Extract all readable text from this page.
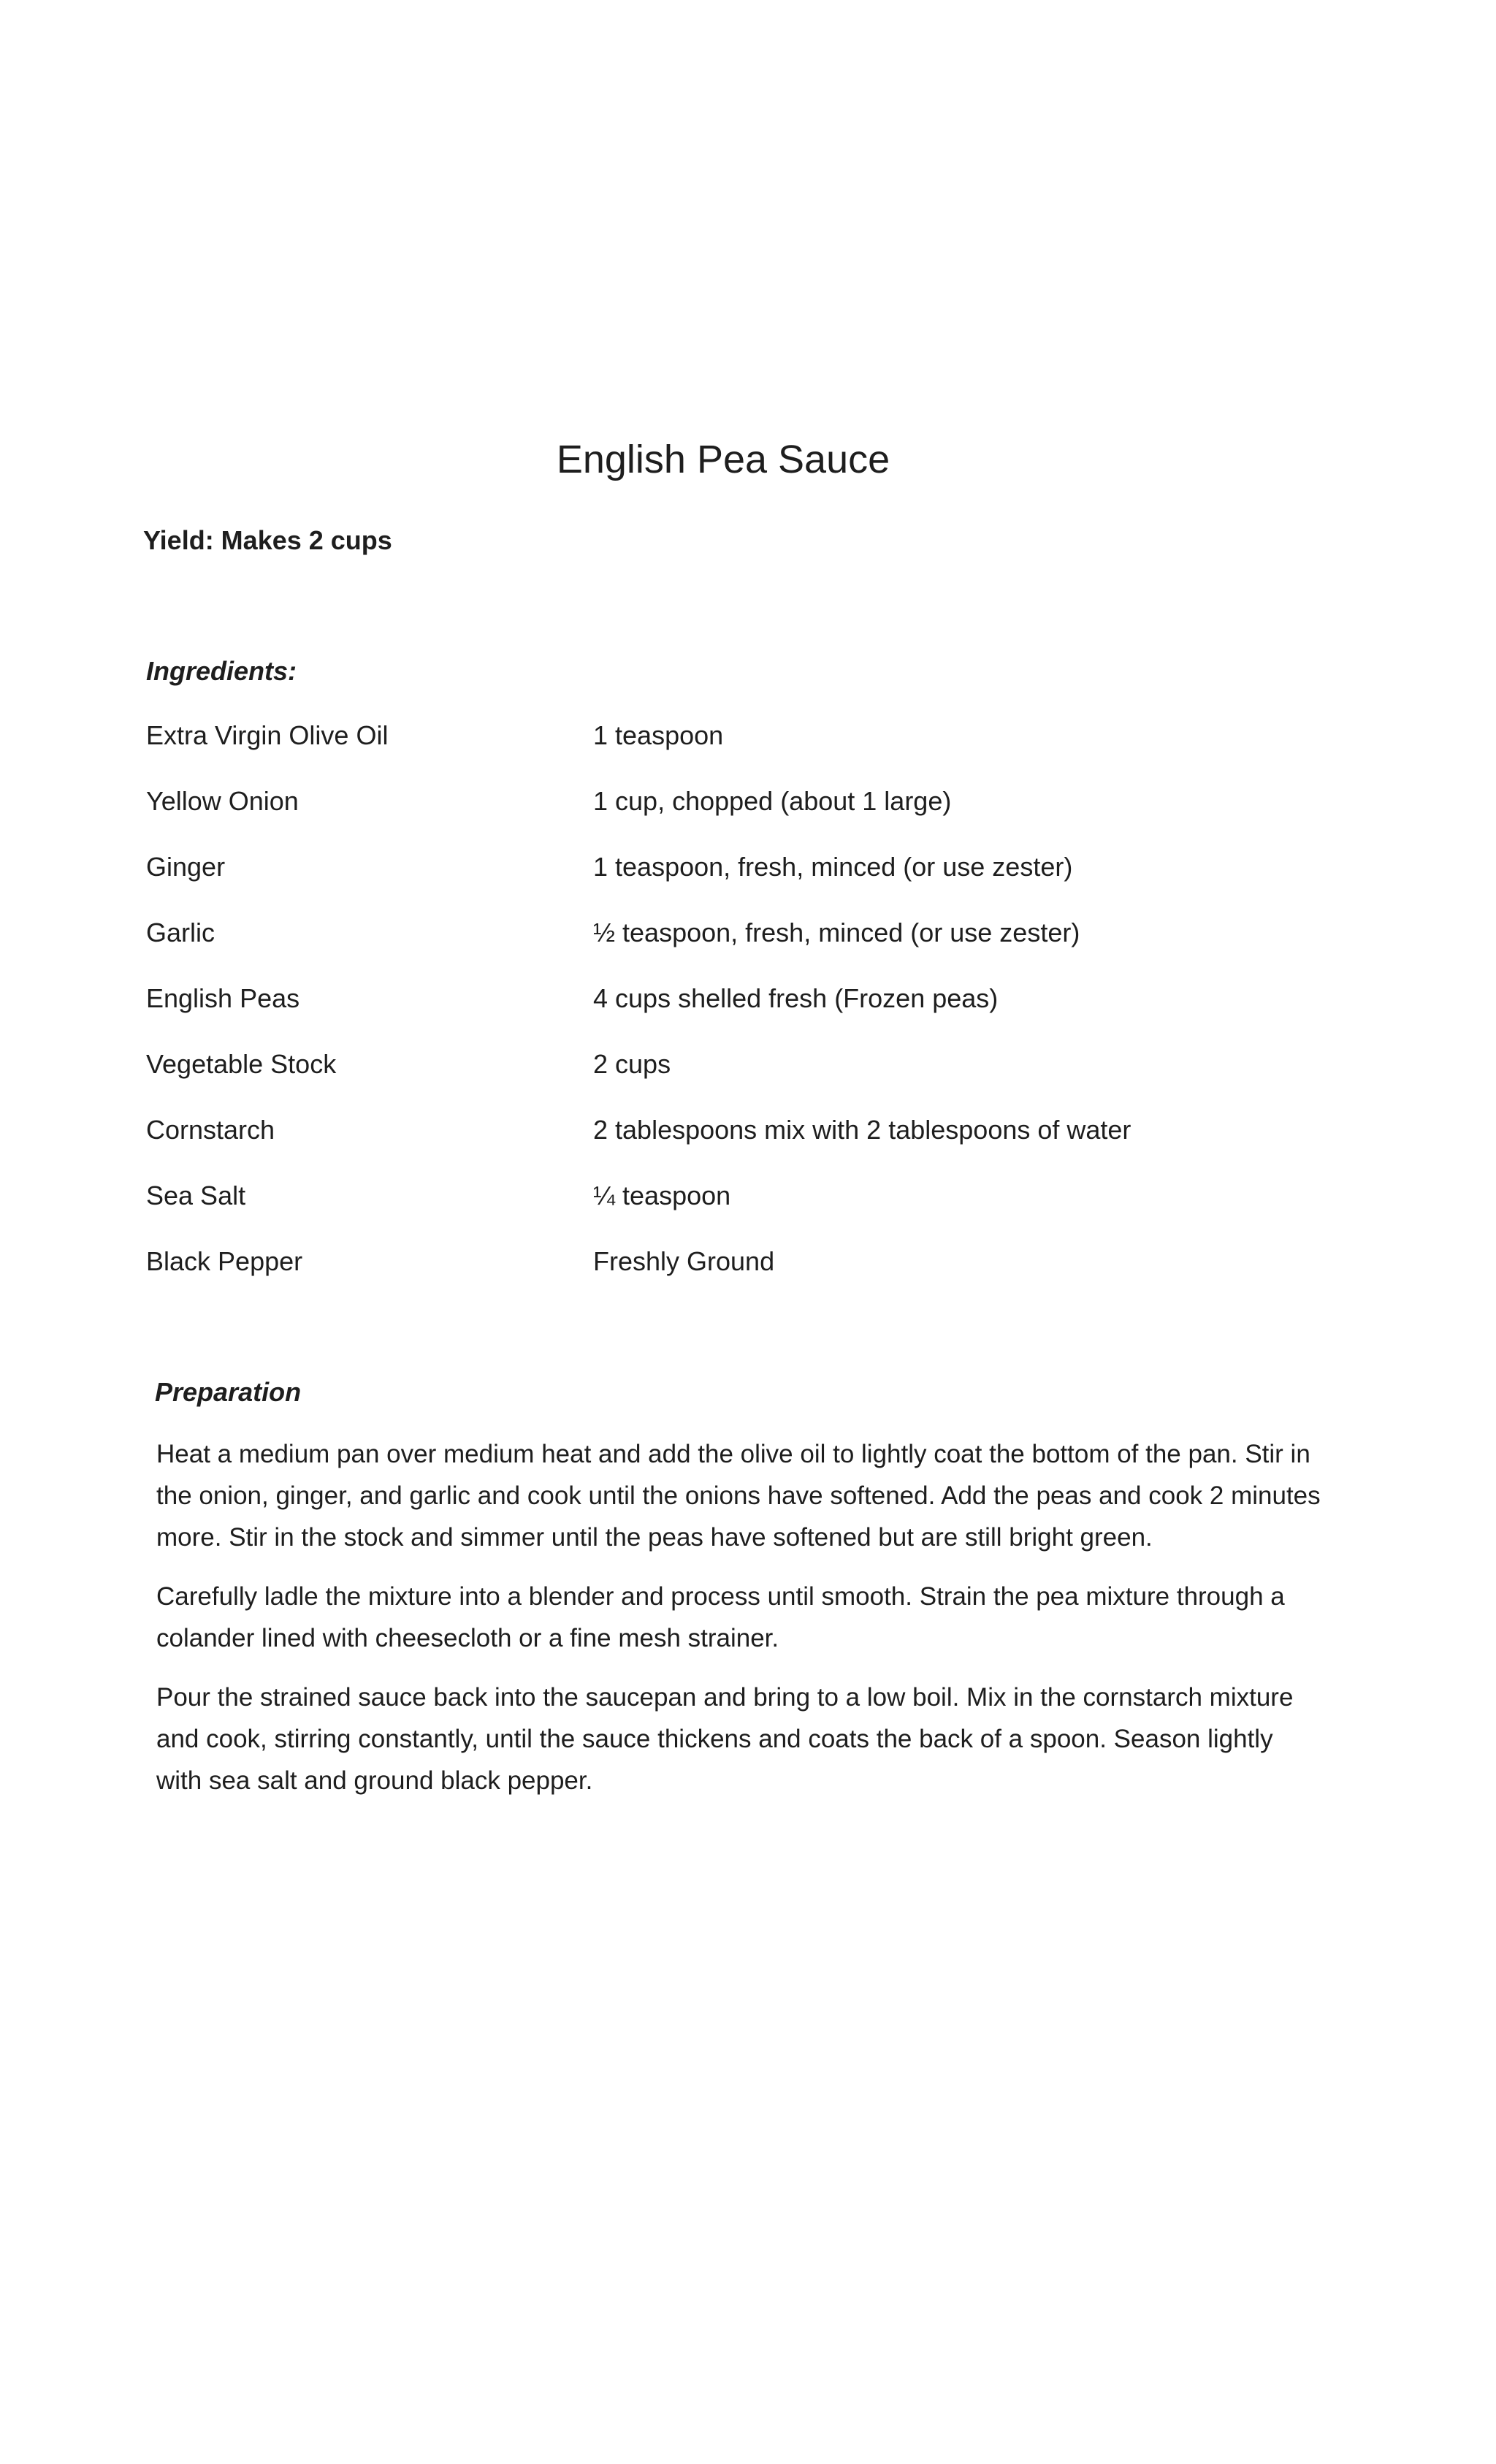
English Pea Sauce
Yield: Makes 2 cups
Ingredients:
Extra Virgin Olive Oil	1 teaspoon
Yellow Onion	1 cup, chopped (about 1 large)
Ginger	1 teaspoon, fresh, minced (or use zester)
Garlic	½ teaspoon, fresh, minced (or use zester)
English Peas	4 cups shelled fresh (Frozen peas)
Vegetable Stock	2 cups
Cornstarch	2 tablespoons mix with 2 tablespoons of water
Sea Salt	¼ teaspoon
Black Pepper	Freshly Ground
Preparation

Heat a medium pan over medium heat and add the olive oil to lightly coat the bottom of the pan. Stir in the onion, ginger, and garlic and cook until the onions have softened. Add the peas and cook 2 minutes more. Stir in the stock and simmer until the peas have softened but are still bright green.

Carefully ladle the mixture into a blender and process until smooth. Strain the pea mixture through a colander lined with cheesecloth or a fine mesh strainer.

Pour the strained sauce back into the saucepan and bring to a low boil. Mix in the cornstarch mixture and cook, stirring constantly, until the sauce thickens and coats the back of a spoon. Season lightly with sea salt and ground black pepper.
